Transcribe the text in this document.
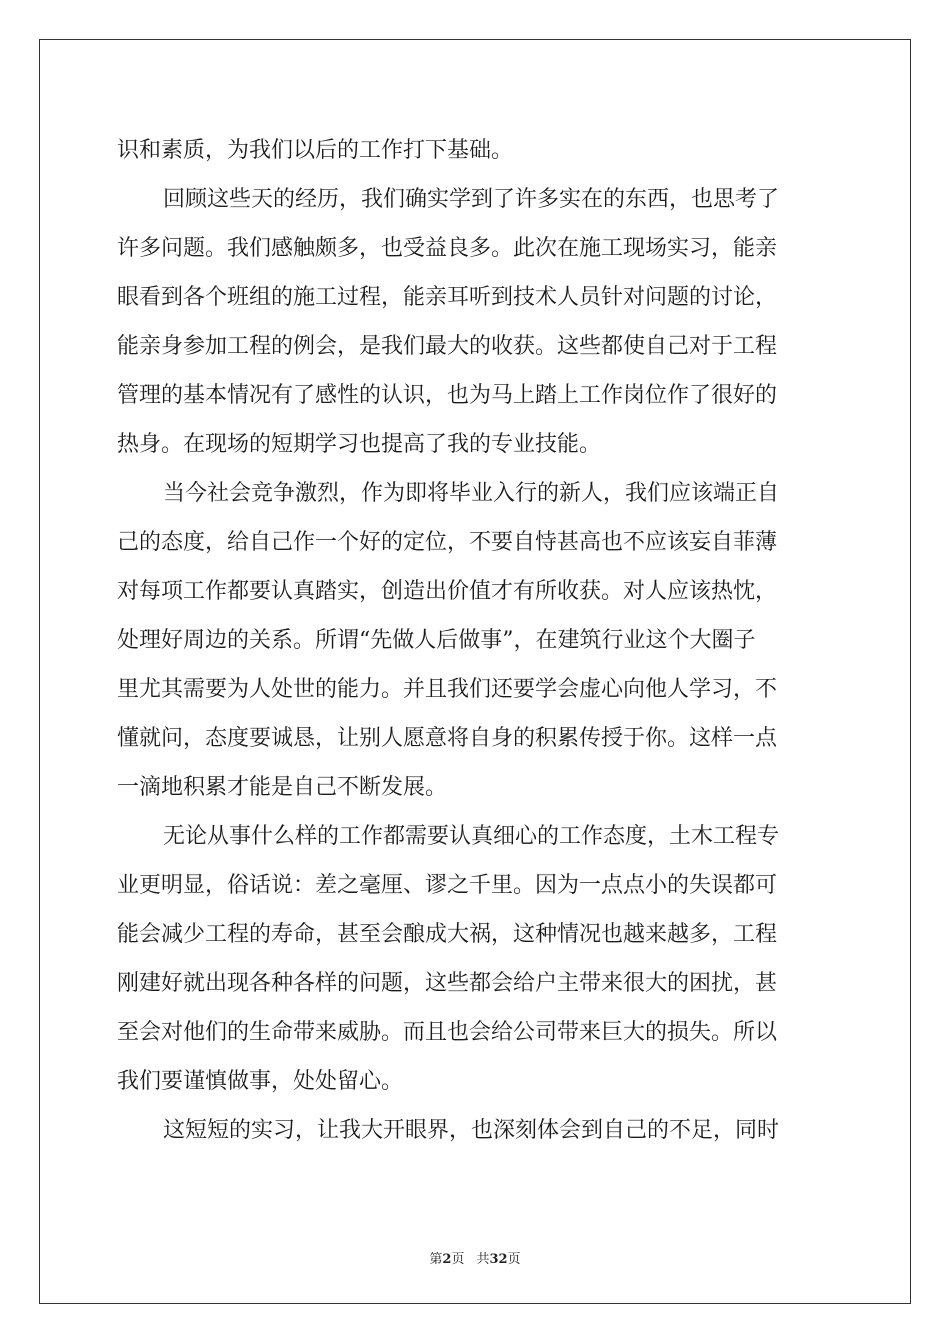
识和素质，为我们以后的工作打下基础。
回顾这些天的经历，我们确实学到了许多实在的东西，也思考了
许多问题。我们感触颇多，也受益良多。此次在施工现场实习，能亲
眼看到各个班组的施工过程，能亲耳听到技术人员针对问题的讨论，
能亲身参加工程的例会，是我们最大的收获。这些都使自己对于工程
管理的基本情况有了感性的认识，也为马上踏上工作岗位作了很好的
热身。在现场的短期学习也提高了我的专业技能。
当今社会竞争激烈，作为即将毕业入行的新人，我们应该端正自
己的态度，给自己作一个好的定位，不要自恃甚高也不应该妄自菲薄
对每项工作都要认真踏实，创造出价值才有所收获。对人应该热忱，
处理好周边的关系。所谓“先做人后做事”，在建筑行业这个大圈子
里尤其需要为人处世的能力。并且我们还要学会虚心向他人学习，不
懂就问，态度要诚恳，让别人愿意将自身的积累传授于你。这样一点
一滴地积累才能是自己不断发展。
无论从事什么样的工作都需要认真细心的工作态度，土木工程专
业更明显，俗话说：差之毫厘、谬之千里。因为一点点小的失误都可
能会减少工程的寿命，甚至会酿成大祸，这种情况也越来越多，工程
刚建好就出现各种各样的问题，这些都会给户主带来很大的困扰，甚
至会对他们的生命带来威胁。而且也会给公司带来巨大的损失。所以
我们要谨慎做事，处处留心。
这短短的实习，让我大开眼界，也深刻体会到自己的不足，同时
第2页 共32页
